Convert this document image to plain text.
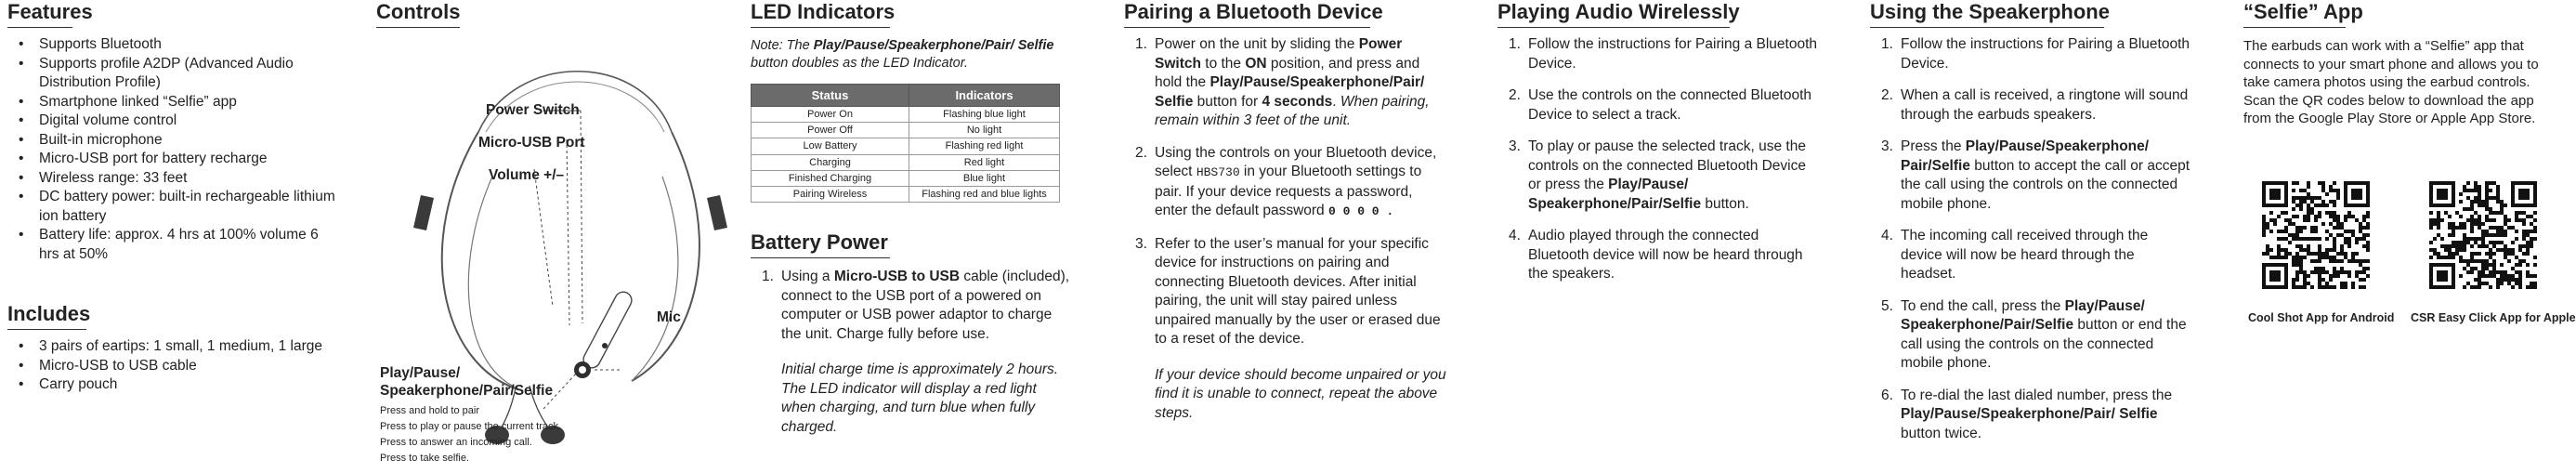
Features
• Supports Bluetooth
• Supports profile A2DP (Advanced Audio Distribution Profile)
• Smartphone linked “Selfie” app
• Digital volume control
• Built-in microphone
• Micro-USB port for battery recharge
• Wireless range: 33 feet
• DC battery power: built-in rechargeable lithium ion battery
• Battery life: approx. 4 hrs at 100% volume 6 hrs at 50%
Includes
• 3 pairs of eartips: 1 small, 1 medium, 1 large
• Micro-USB to USB cable
• Carry pouch
Controls
Power Switch
Micro-USB Port
Volume +/–
Mic
Play/Pause/
Speakerphone/Pair/Selfie
Press and hold to pair
Press to play or pause the current track.
Press to answer an incoming call.
Press to take selfie.
LED Indicators

Note: The Play/Pause/Speakerphone/Pair/ Selfie button doubles as the LED Indicator.

Status	Indicators
Power On	Flashing blue light
Power Off	No light
Low Battery	Flashing red light
Charging	Red light
Finished Charging	Blue light
Pairing Wireless	Flashing red and blue lights
Battery Power
1. Using a Micro-USB to USB cable (included), connect to the USB port of a powered on computer or USB power adaptor to charge the unit. Charge fully before use.
Initial charge time is approximately 2 hours. The LED indicator will display a red light when charging, and turn blue when fully charged.
Pairing a Bluetooth Device
1. Power on the unit by sliding the Power Switch to the ON position, and press and hold the Play/Pause/Speakerphone/Pair/ Selfie button for 4 seconds. When pairing, remain within 3 feet of the unit.
2. Using the controls on your Bluetooth device, select HBS730 in your Bluetooth settings to pair. If your device requests a password, enter the default password 0 0 0 0 .
3. Refer to the user’s manual for your specific device for instructions on pairing and connecting Bluetooth devices. After initial pairing, the unit will stay paired unless unpaired manually by the user or erased due to a reset of the device.
If your device should become unpaired or you find it is unable to connect, repeat the above steps.
Playing Audio Wirelessly
1. Follow the instructions for Pairing a Bluetooth Device.
2. Use the controls on the connected Bluetooth Device to select a track.
3. To play or pause the selected track, use the controls on the connected Bluetooth Device or press the Play/Pause/ Speakerphone/Pair/Selfie button.
4. Audio played through the connected Bluetooth device will now be heard through the speakers.
Using the Speakerphone
1. Follow the instructions for Pairing a Bluetooth Device.
2. When a call is received, a ringtone will sound through the earbuds speakers.
3. Press the Play/Pause/Speakerphone/ Pair/Selfie button to accept the call or accept the call using the controls on the connected mobile phone.
4. The incoming call received through the device will now be heard through the headset.
5. To end the call, press the Play/Pause/ Speakerphone/Pair/Selfie button or end the call using the controls on the connected mobile phone.
6. To re-dial the last dialed number, press the Play/Pause/Speakerphone/Pair/ Selfie button twice.
“Selfie” App

The earbuds can work with a “Selfie” app that connects to your smart phone and allows you to take camera photos using the earbud controls. Scan the QR codes below to download the app from the Google Play Store or Apple App Store.

Cool Shot App for Android CSR Easy Click App for Apple
